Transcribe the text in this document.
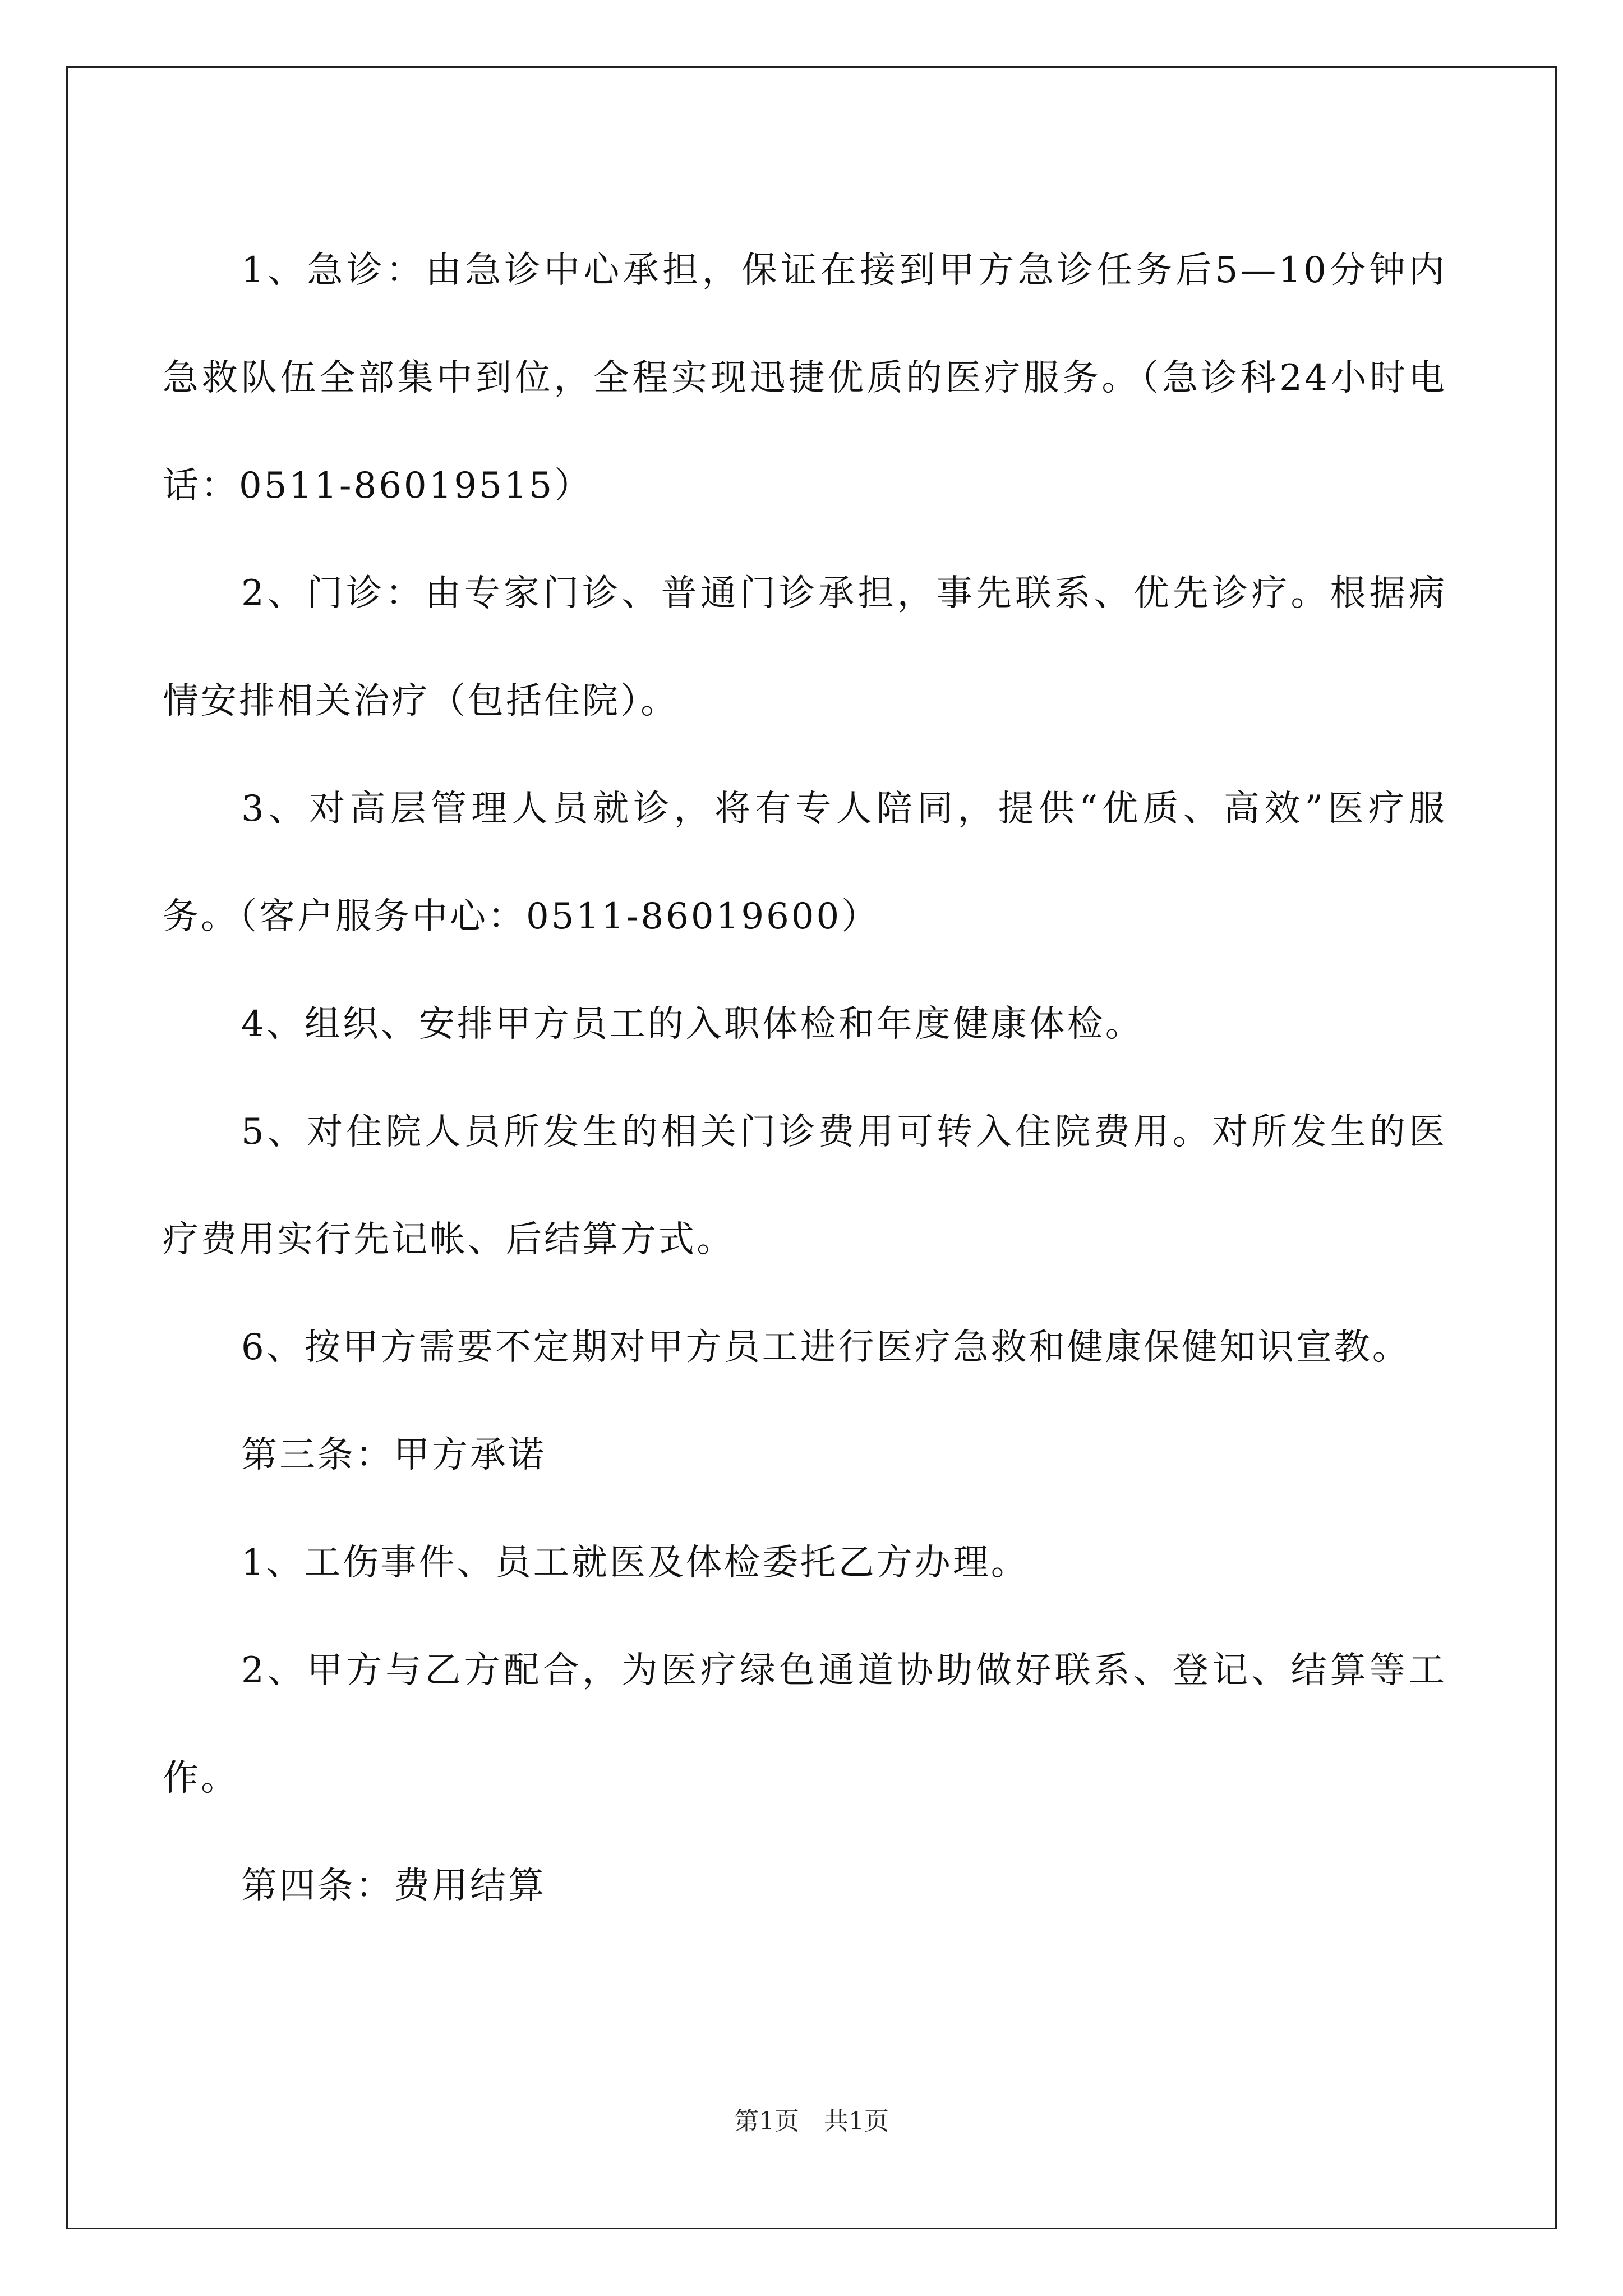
1、急诊：由急诊中心承担，保证在接到甲方急诊任务后5—10分钟内急救队伍全部集中到位，全程实现迅捷优质的医疗服务。（急诊科24小时电话：0511-86019515）

2、门诊：由专家门诊、普通门诊承担，事先联系、优先诊疗。根据病情安排相关治疗（包括住院）。

3、对高层管理人员就诊，将有专人陪同，提供“优质、高效”医疗服务。（客户服务中心：0511-86019600）

4、组织、安排甲方员工的入职体检和年度健康体检。

5、对住院人员所发生的相关门诊费用可转入住院费用。对所发生的医疗费用实行先记帐、后结算方式。

6、按甲方需要不定期对甲方员工进行医疗急救和健康保健知识宣教。

第三条：甲方承诺

1、工伤事件、员工就医及体检委托乙方办理。

2、甲方与乙方配合，为医疗绿色通道协助做好联系、登记、结算等工作。

第四条：费用结算

第1页　共1页
